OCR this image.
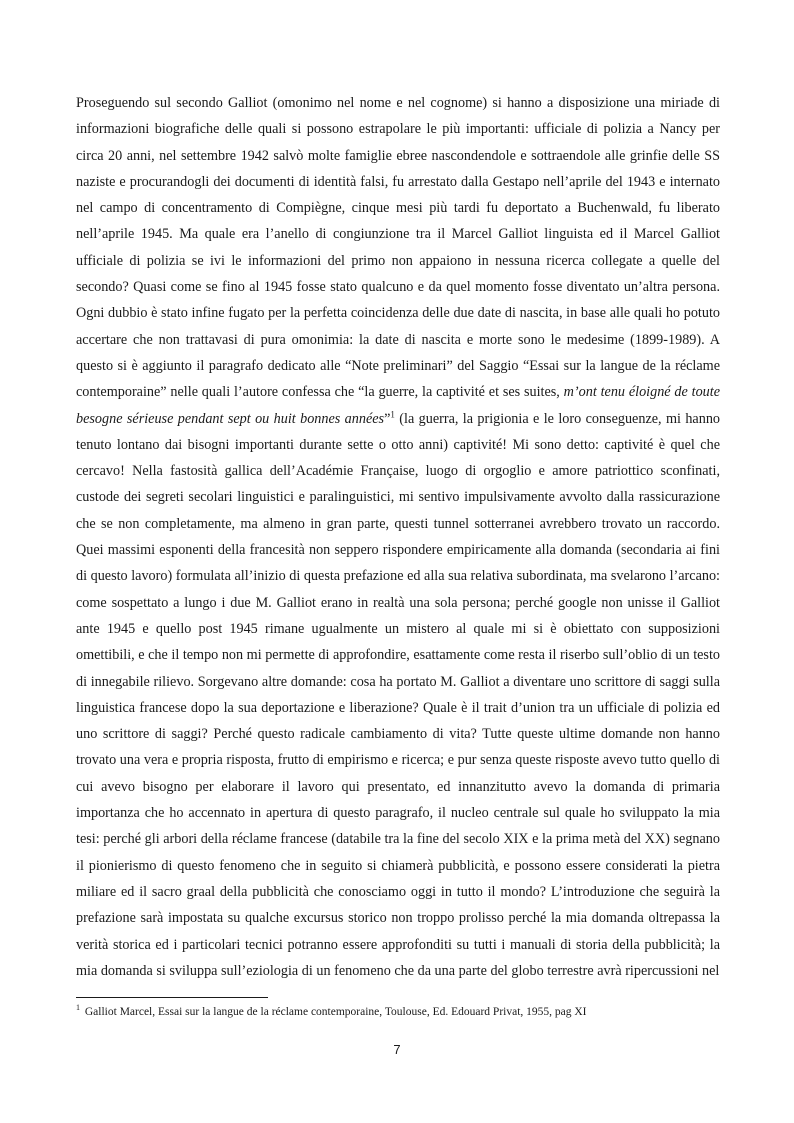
Proseguendo sul secondo Galliot (omonimo nel nome e nel cognome) si hanno a disposizione una miriade di informazioni biografiche delle quali si possono estrapolare le più importanti: ufficiale di polizia a Nancy per circa 20 anni, nel settembre 1942 salvò molte famiglie ebree nascondendole e sottraendole alle grinfie delle SS naziste e procurandogli dei documenti di identità falsi, fu arrestato dalla Gestapo nell’aprile del 1943 e internato nel campo di concentramento di Compiègne, cinque mesi più tardi fu deportato a Buchenwald, fu liberato nell’aprile 1945. Ma quale era l’anello di congiunzione tra il Marcel Galliot linguista ed il Marcel Galliot ufficiale di polizia se ivi le informazioni del primo non appaiono in nessuna ricerca collegate a quelle del secondo? Quasi come se fino al 1945 fosse stato qualcuno e da quel momento fosse diventato un’altra persona. Ogni dubbio è stato infine fugato per la perfetta coincidenza delle due date di nascita, in base alle quali ho potuto accertare che non trattavasi di pura omonimia: la date di nascita e morte sono le medesime (1899-1989). A questo si è aggiunto il paragrafo dedicato alle “Note preliminari” del Saggio “Essai sur la langue de la réclame contemporaine” nelle quali l’autore confessa che “la guerre, la captivité et ses suites, m’ont tenu éloigné de toute besogne sérieuse pendant sept ou huit bonnes années”$^1$ (la guerra, la prigionia e le loro conseguenze, mi hanno tenuto lontano dai bisogni importanti durante sette o otto anni) captivité! Mi sono detto: captivité è quel che cercavo! Nella fastosità gallica dell’Académie Française, luogo di orgoglio e amore patriottico sconfinati, custode dei segreti secolari linguistici e paralinguistici, mi sentivo impulsivamente avvolto dalla rassicurazione che se non completamente, ma almeno in gran parte, questi tunnel sotterranei avrebbero trovato un raccordo. Quei massimi esponenti della francesità non seppero rispondere empiricamente alla domanda (secondaria ai fini di questo lavoro) formulata all’inizio di questa prefazione ed alla sua relativa subordinata, ma svelarono l’arcano: come sospettato a lungo i due M. Galliot erano in realtà una sola persona; perché google non unisse il Galliot ante 1945 e quello post 1945 rimane ugualmente un mistero al quale mi si è obiettato con supposizioni omettibili, e che il tempo non mi permette di approfondire, esattamente come resta il riserbo sull’oblio di un testo di innegabile rilievo. Sorgevano altre domande: cosa ha portato M. Galliot a diventare uno scrittore di saggi sulla linguistica francese dopo la sua deportazione e liberazione? Quale è il trait d’union tra un ufficiale di polizia ed uno scrittore di saggi? Perché questo radicale cambiamento di vita? Tutte queste ultime domande non hanno trovato una vera e propria risposta, frutto di empirismo e ricerca; e pur senza queste risposte avevo tutto quello di cui avevo bisogno per elaborare il lavoro qui presentato, ed innanzitutto avevo la domanda di primaria importanza che ho accennato in apertura di questo paragrafo, il nucleo centrale sul quale ho sviluppato la mia tesi: perché gli arbori della réclame francese (databile tra la fine del secolo XIX e la prima metà del XX) segnano il pionierismo di questo fenomeno che in seguito si chiamerà pubblicità, e possono essere considerati la pietra miliare ed il sacro graal della pubblicità che conosciamo oggi in tutto il mondo? L’introduzione che seguirà la prefazione sarà impostata su qualche excursus storico non troppo prolisso perché la mia domanda oltrepassa la verità storica ed i particolari tecnici potranno essere approfonditi su tutti i manuali di storia della pubblicità; la mia domanda si sviluppa sull’eziologia di un fenomeno che da una parte del globo terrestre avrà ripercussioni nel

$^1$ Galliot Marcel, Essai sur la langue de la réclame contemporaine, Toulouse, Ed. Edouard Privat, 1955, pag XI

7
